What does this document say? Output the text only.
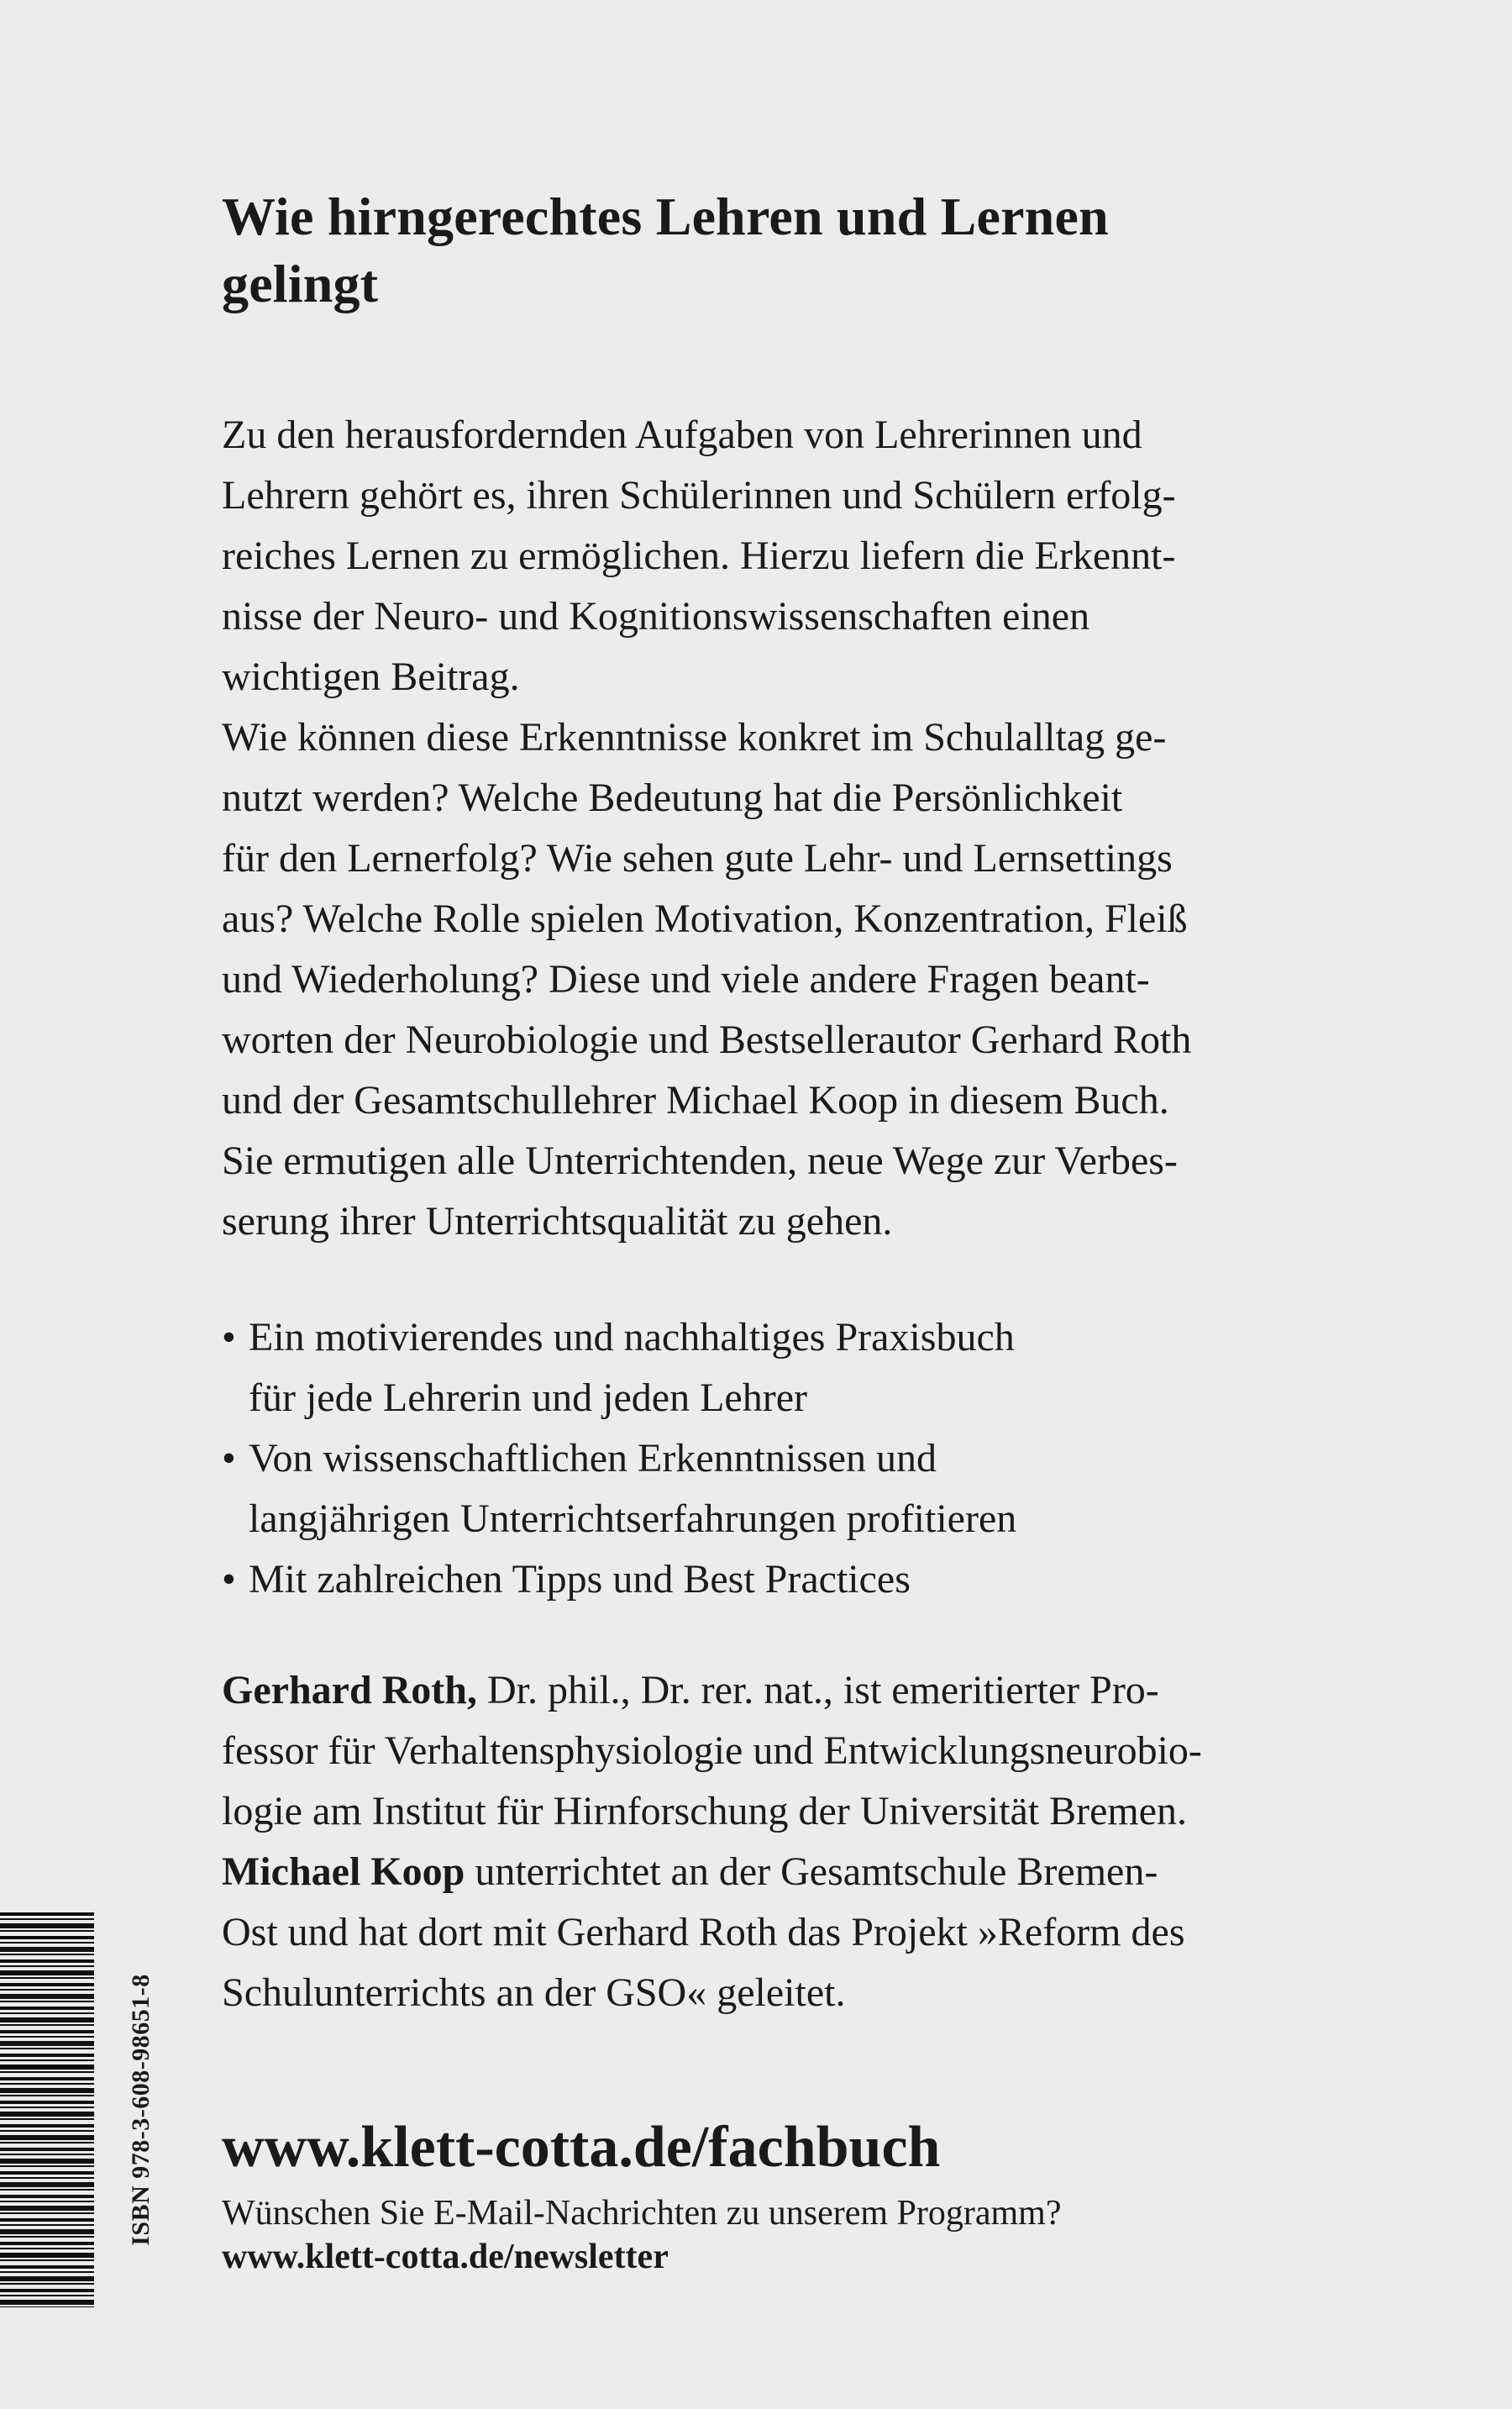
Wie hirngerechtes Lehren und Lernen
gelingt
Zu den herausfordernden Aufgaben von Lehrerinnen und
Lehrern gehört es, ihren Schülerinnen und Schülern erfolg-
reiches Lernen zu ermöglichen. Hierzu liefern die Erkennt-
nisse der Neuro- und Kognitionswissenschaften einen
wichtigen Beitrag.
Wie können diese Erkenntnisse konkret im Schulalltag ge-
nutzt werden? Welche Bedeutung hat die Persönlichkeit
für den Lernerfolg? Wie sehen gute Lehr- und Lernsettings
aus? Welche Rolle spielen Motivation, Konzentration, Fleiß
und Wiederholung? Diese und viele andere Fragen beant-
worten der Neurobiologie und Bestsellerautor Gerhard Roth
und der Gesamtschullehrer Michael Koop in diesem Buch.
Sie ermutigen alle Unterrichtenden, neue Wege zur Verbes-
serung ihrer Unterrichtsqualität zu gehen.
• Ein motivierendes und nachhaltiges Praxisbuch
für jede Lehrerin und jeden Lehrer
• Von wissenschaftlichen Erkenntnissen und
langjährigen Unterrichtserfahrungen profitieren
• Mit zahlreichen Tipps und Best Practices
Gerhard Roth, Dr. phil., Dr. rer. nat., ist emeritierter Pro-
fessor für Verhaltensphysiologie und Entwicklungsneurobio-
logie am Institut für Hirnforschung der Universität Bremen.
Michael Koop unterrichtet an der Gesamtschule Bremen-
Ost und hat dort mit Gerhard Roth das Projekt »Reform des
Schulunterrichts an der GSO« geleitet.

www.klett-cotta.de/fachbuch

Wünschen Sie E-Mail-Nachrichten zu unserem Programm?

www.klett-cotta.de/newsletter

ISBN 978-3-608-98651-8
